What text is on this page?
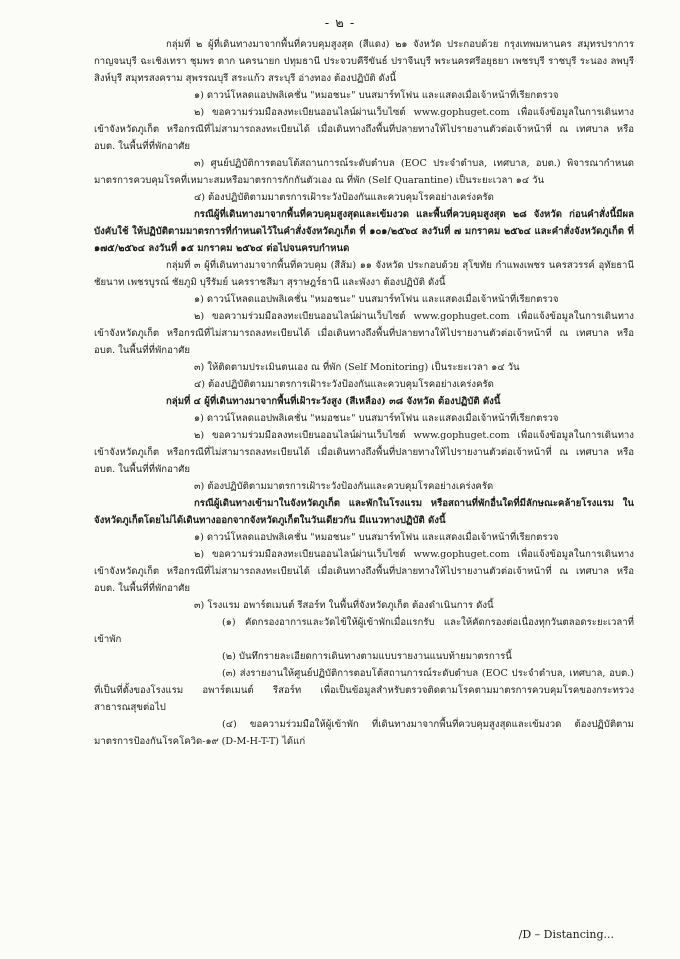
- ๒ -

กลุ่มที่ ๒ ผู้ที่เดินทางมาจากพื้นที่ควบคุมสูงสุด (สีแดง) ๒๑ จังหวัด ประกอบด้วย กรุงเทพมหานคร สมุทรปราการ กาญจนบุรี ฉะเชิงเทรา ชุมพร ตาก นครนายก ปทุมธานี ประจวบคีรีขันธ์ ปราจีนบุรี พระนครศรีอยุธยา เพชรบุรี ราชบุรี ระนอง ลพบุรี สิงห์บุรี สมุทรสงคราม สุพรรณบุรี สระแก้ว สระบุรี อ่างทอง ต้องปฏิบัติ ดังนี้

๑) ดาวน์โหลดแอปพลิเคชั่น "หมอชนะ" บนสมาร์ทโฟน และแสดงเมื่อเจ้าหน้าที่เรียกตรวจ

๒) ขอความร่วมมือลงทะเบียนออนไลน์ผ่านเว็บไซต์ www.gophuget.com เพื่อแจ้งข้อมูลในการเดินทางเข้าจังหวัดภูเก็ต หรือกรณีที่ไม่สามารถลงทะเบียนได้ เมื่อเดินทางถึงพื้นที่ปลายทางให้ไปรายงานตัวต่อเจ้าหน้าที่ ณ เทศบาล หรือ อบต. ในพื้นที่ที่พักอาศัย

๓) ศูนย์ปฏิบัติการตอบโต้สถานการณ์ระดับตำบล (EOC ประจำตำบล, เทศบาล, อบต.) พิจารณากำหนดมาตรการควบคุมโรคที่เหมาะสมหรือมาตรการกักกันตัวเอง ณ ที่พัก (Self Quarantine) เป็นระยะเวลา ๑๔ วัน

๔) ต้องปฏิบัติตามมาตรการเฝ้าระวังป้องกันและควบคุมโรคอย่างเคร่งครัด

กรณีผู้ที่เดินทางมาจากพื้นที่ควบคุมสูงสุดและเข้มงวด และพื้นที่ควบคุมสูงสุด ๒๘ จังหวัด ก่อนคำสั่งนี้มีผลบังคับใช้ ให้ปฏิบัติตามมาตรการที่กำหนดไว้ในคำสั่งจังหวัดภูเก็ต ที่ ๑๐๑/๒๕๖๔ ลงวันที่ ๗ มกราคม ๒๕๖๔ และคำสั่งจังหวัดภูเก็ต ที่ ๑๗๕/๒๕๖๔ ลงวันที่ ๑๕ มกราคม ๒๕๖๔ ต่อไปจนครบกำหนด

กลุ่มที่ ๓ ผู้ที่เดินทางมาจากพื้นที่ควบคุม (สีส้ม) ๑๑ จังหวัด ประกอบด้วย สุโขทัย กำแพงเพชร นครสวรรค์ อุทัยธานี ชัยนาท เพชรบูรณ์ ชัยภูมิ บุรีรัมย์ นครราชสีมา สุราษฎร์ธานี และพังงา ต้องปฏิบัติ ดังนี้

๑) ดาวน์โหลดแอปพลิเคชั่น "หมอชนะ" บนสมาร์ทโฟน และแสดงเมื่อเจ้าหน้าที่เรียกตรวจ

๒) ขอความร่วมมือลงทะเบียนออนไลน์ผ่านเว็บไซต์ www.gophuget.com เพื่อแจ้งข้อมูลในการเดินทางเข้าจังหวัดภูเก็ต หรือกรณีที่ไม่สามารถลงทะเบียนได้ เมื่อเดินทางถึงพื้นที่ปลายทางให้ไปรายงานตัวต่อเจ้าหน้าที่ ณ เทศบาล หรือ อบต. ในพื้นที่ที่พักอาศัย

๓) ให้ติดตามประเมินตนเอง ณ ที่พัก (Self Monitoring) เป็นระยะเวลา ๑๔ วัน

๔) ต้องปฏิบัติตามมาตรการเฝ้าระวังป้องกันและควบคุมโรคอย่างเคร่งครัด

กลุ่มที่ ๔ ผู้ที่เดินทางมาจากพื้นที่เฝ้าระวังสูง (สีเหลือง) ๓๘ จังหวัด ต้องปฏิบัติ ดังนี้

๑) ดาวน์โหลดแอปพลิเคชั่น "หมอชนะ" บนสมาร์ทโฟน และแสดงเมื่อเจ้าหน้าที่เรียกตรวจ

๒) ขอความร่วมมือลงทะเบียนออนไลน์ผ่านเว็บไซต์ www.gophuget.com เพื่อแจ้งข้อมูลในการเดินทางเข้าจังหวัดภูเก็ต หรือกรณีที่ไม่สามารถลงทะเบียนได้ เมื่อเดินทางถึงพื้นที่ปลายทางให้ไปรายงานตัวต่อเจ้าหน้าที่ ณ เทศบาล หรือ อบต. ในพื้นที่ที่พักอาศัย

๓) ต้องปฏิบัติตามมาตรการเฝ้าระวังป้องกันและควบคุมโรคอย่างเคร่งครัด

กรณีผู้เดินทางเข้ามาในจังหวัดภูเก็ต และพักในโรงแรม หรือสถานที่พักอื่นใดที่มีลักษณะคล้ายโรงแรม ในจังหวัดภูเก็ตโดยไม่ได้เดินทางออกจากจังหวัดภูเก็ตในวันเดียวกัน มีแนวทางปฏิบัติ ดังนี้

๑) ดาวน์โหลดแอปพลิเคชั่น "หมอชนะ" บนสมาร์ทโฟน และแสดงเมื่อเจ้าหน้าที่เรียกตรวจ

๒) ขอความร่วมมือลงทะเบียนออนไลน์ผ่านเว็บไซต์ www.gophuget.com เพื่อแจ้งข้อมูลในการเดินทางเข้าจังหวัดภูเก็ต หรือกรณีที่ไม่สามารถลงทะเบียนได้ เมื่อเดินทางถึงพื้นที่ปลายทางให้ไปรายงานตัวต่อเจ้าหน้าที่ ณ เทศบาล หรือ อบต. ในพื้นที่ที่พักอาศัย

๓) โรงแรม อพาร์ตเมนต์ รีสอร์ท ในพื้นที่จังหวัดภูเก็ต ต้องดำเนินการ ดังนี้

(๑) คัดกรองอาการและวัดไข้ให้ผู้เข้าพักเมื่อแรกรับ และให้คัดกรองต่อเนื่องทุกวันตลอดระยะเวลาที่เข้าพัก

(๒) บันทึกรายละเอียดการเดินทางตามแบบรายงานแนบท้ายมาตรการนี้

(๓) ส่งรายงานให้ศูนย์ปฏิบัติการตอบโต้สถานการณ์ระดับตำบล (EOC ประจำตำบล, เทศบาล, อบต.) ที่เป็นที่ตั้งของโรงแรม อพาร์ตเมนต์ รีสอร์ท เพื่อเป็นข้อมูลสำหรับตรวจติดตามโรคตามมาตรการควบคุมโรคของกระทรวงสาธารณสุขต่อไป

(๔) ขอความร่วมมือให้ผู้เข้าพัก ที่เดินทางมาจากพื้นที่ควบคุมสูงสุดและเข้มงวด ต้องปฏิบัติตามมาตรการป้องกันโรคโควิด-๑๙ (D-M-H-T-T) ได้แก่

/D – Distancing...
